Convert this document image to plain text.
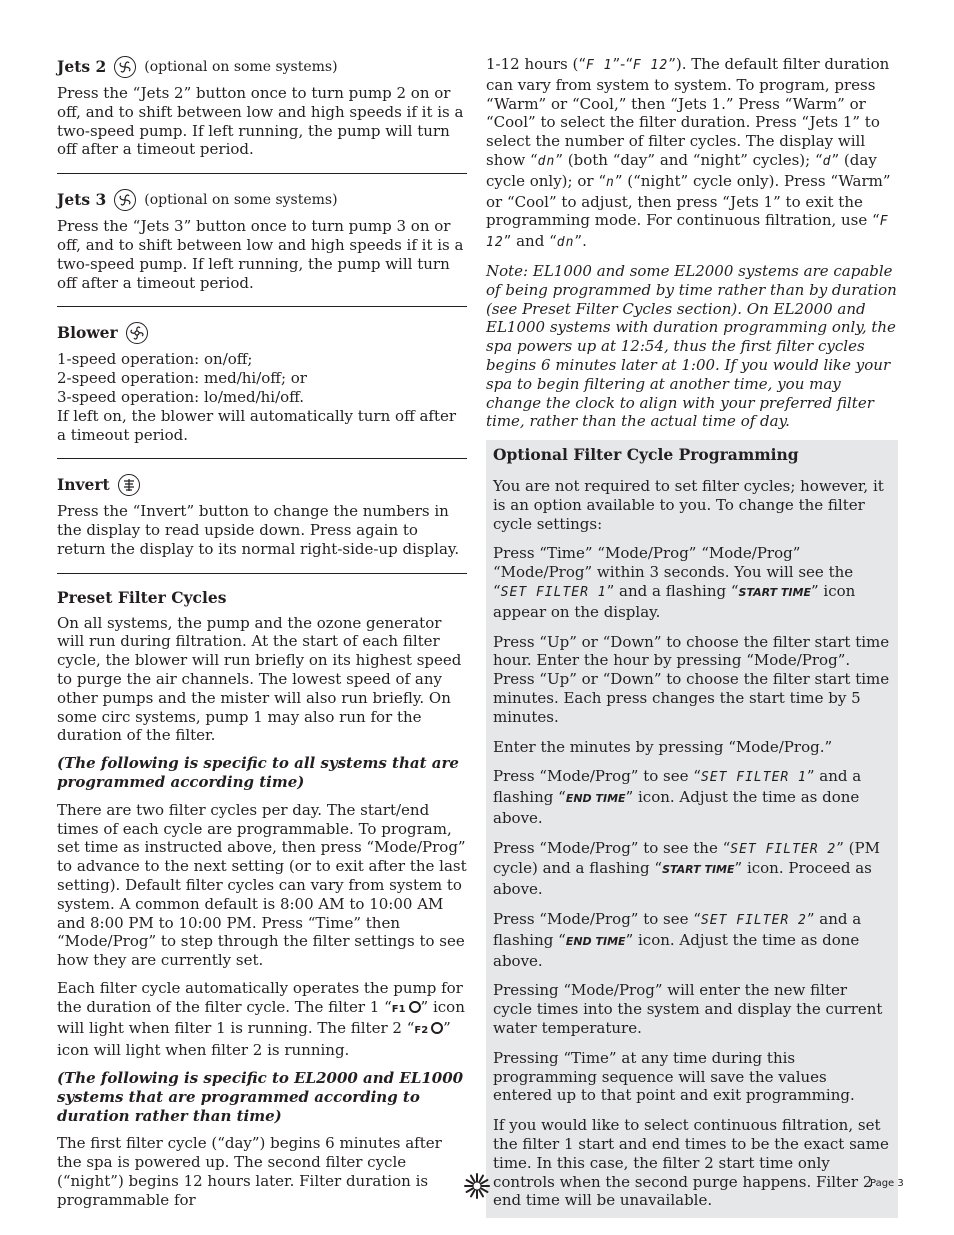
Jets 2	(optional on some systems)

Press the “Jets 2” button once to turn pump 2 on or off, and to shift between low and high speeds if it is a two-speed pump. If left running, the pump will turn off after a timeout period.

Jets 3	(optional on some systems)

Press the “Jets 3” button once to turn pump 3 on or off, and to shift between low and high speeds if it is a two-speed pump. If left running, the pump will turn off after a timeout period.

Blower
1-speed operation: on/off;
2-speed operation: med/hi/off; or
3-speed operation: lo/med/hi/off.

If left on, the blower will automatically turn off after a timeout period.

Invert

Press the “Invert” button to change the numbers in the display to read upside down. Press again to return the display to its normal right-side-up display.

Preset Filter Cycles

On all systems, the pump and the ozone generator will run during filtration. At the start of each filter cycle, the blower will run briefly on its highest speed to purge the air channels. The lowest speed of any other pumps and the mister will also run briefly. On some circ systems, pump 1 may also run for the duration of the filter.

(The following is specific to all systems that are programmed according time)

There are two filter cycles per day. The start/end times of each cycle are programmable. To program, set time as instructed above, then press “Mode/Prog” to advance to the next setting (or to exit after the last setting). Default filter cycles can vary from system to system. A common default is 8:00 AM to 10:00 AM and 8:00 PM to 10:00 PM. Press “Time” then “Mode/Prog” to step through the filter settings to see how they are currently set.

Each filter cycle automatically operates the pump for the duration of the filter cycle. The filter 1 “F1 ” icon will light when filter 1 is running. The filter 2 “F2 ” icon will light when filter 2 is running.

(The following is specific to EL2000 and EL1000 systems that are programmed according to duration rather than time)

The first filter cycle (“day”) begins 6 minutes after the spa is powered up. The second filter cycle (“night”) begins 12 hours later. Filter duration is programmable for

1-12 hours (“F 1”-“F 12”). The default filter duration can vary from system to system. To program, press “Warm” or “Cool,” then “Jets 1.” Press “Warm” or “Cool” to select the filter duration. Press “Jets 1” to select the number of filter cycles. The display will show “dn” (both “day” and “night” cycles); “d” (day cycle only); or “n” (“night” cycle only). Press “Warm” or “Cool” to adjust, then press “Jets 1” to exit the programming mode. For continuous filtration, use “F 12” and “dn”.

Note: EL1000 and some EL2000 systems are capable of being programmed by time rather than by duration (see Preset Filter Cycles section). On EL2000 and EL1000 systems with duration programming only, the spa powers up at 12:54, thus the first filter cycles begins 6 minutes later at 1:00. If you would like your spa to begin filtering at another time, you may change the clock to align with your preferred filter time, rather than the actual time of day.

Optional Filter Cycle Programming

You are not required to set filter cycles; however, it is an option available to you. To change the filter cycle settings:

Press “Time” “Mode/Prog” “Mode/Prog” “Mode/Prog” within 3 seconds. You will see the “SET FILTER 1” and a flashing “START TIME” icon appear on the display.

Press “Up” or “Down” to choose the filter start time hour. Enter the hour by pressing “Mode/Prog”. Press “Up” or “Down” to choose the filter start time minutes. Each press changes the start time by 5 minutes.

Enter the minutes by pressing “Mode/Prog.”

Press “Mode/Prog” to see “SET FILTER 1” and a flashing “END TIME” icon. Adjust the time as done above.

Press “Mode/Prog” to see the “SET FILTER 2” (PM cycle) and a flashing “START TIME” icon. Proceed as above.

Press “Mode/Prog” to see “SET FILTER 2” and a flashing “END TIME” icon. Adjust the time as done above.

Pressing “Mode/Prog” will enter the new filter cycle times into the system and display the current water temperature.

Pressing “Time” at any time during this programming sequence will save the values entered up to that point and exit programming.

If you would like to select continuous filtration, set the filter 1 start and end times to be the exact same time. In this case, the filter 2 start time only controls when the second purge happens. Filter 2 end time will be unavailable.

Page 3
